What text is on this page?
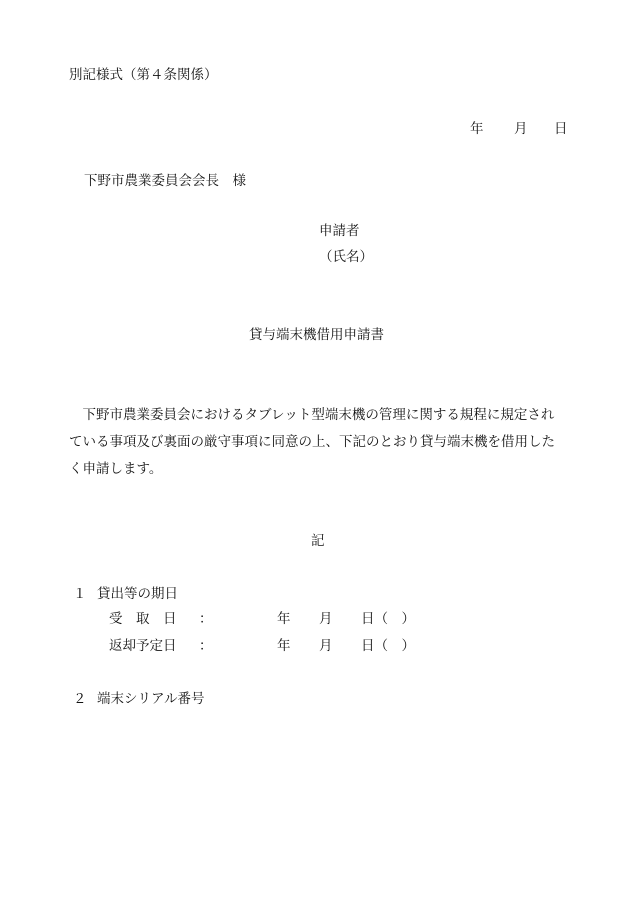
別記様式（第４条関係）
年 月 日
下野市農業委員会会長　様
申請者
（氏名）
貸与端末機借用申請書
　下野市農業委員会におけるタブレット型端末機の管理に関する規程に規定され
ている事項及び裏面の厳守事項に同意の上、下記のとおり貸与端末機を借用した
く申請します。
記
１ 貸出等の期日
受　取　日 ：	年 月 日（　）
返却予定日 ：	年 月 日（　）
２ 端末シリアル番号
